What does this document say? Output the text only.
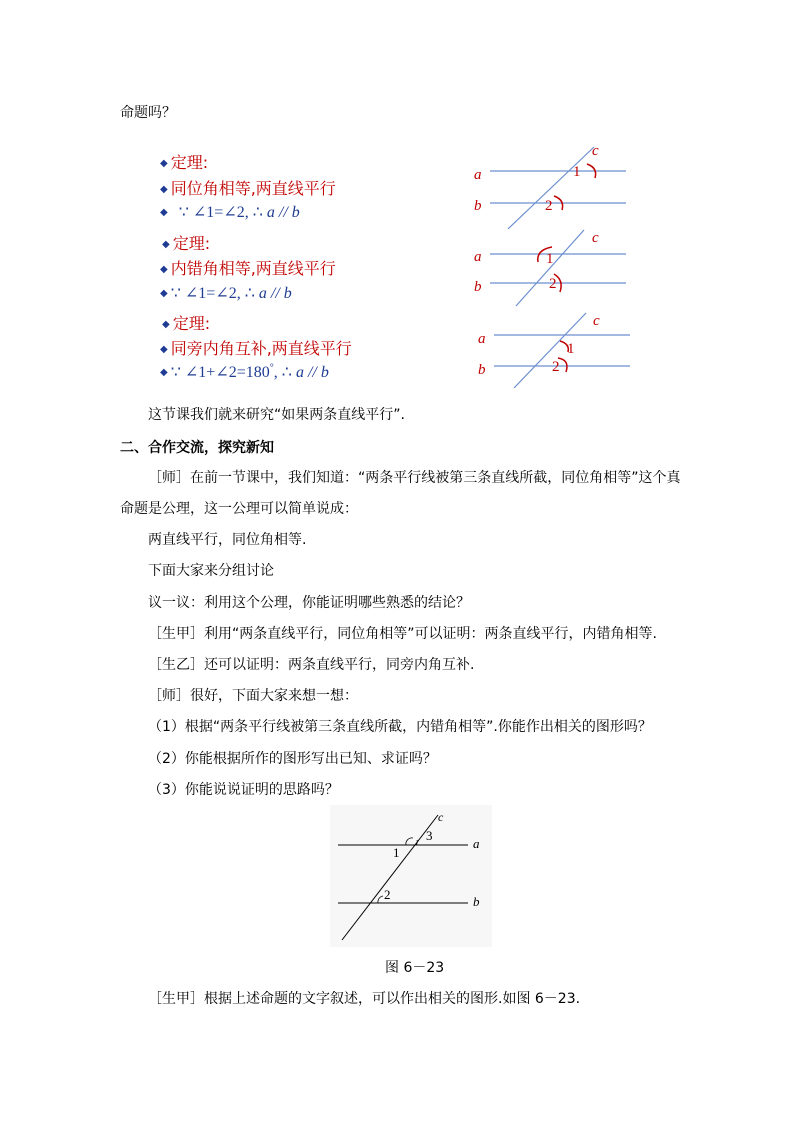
命题吗？
◆ 定理:
◆ 同位角相等,两直线平行
◆ ∵ ∠1=∠2, ∴ a // b
◆ 定理:
◆ 内错角相等,两直线平行
◆ ∵ ∠1=∠2, ∴ a // b
◆ 定理:
◆ 同旁内角互补,两直线平行
◆ ∵ ∠1+∠2=180°, ∴ a // b
a
b
c
1
2
a
b
c
1
2
a
b
c
1
2
这节课我们就来研究“如果两条直线平行”.
二、合作交流，探究新知
［师］在前一节课中，我们知道：“两条平行线被第三条直线所截，同位角相等”这个真
命题是公理，这一公理可以简单说成：
两直线平行，同位角相等.
下面大家来分组讨论
议一议：利用这个公理，你能证明哪些熟悉的结论？
［生甲］利用“两条直线平行，同位角相等”可以证明：两条直线平行，内错角相等.
［生乙］还可以证明：两条直线平行，同旁内角互补.
［师］很好，下面大家来想一想：
（1）根据“两条平行线被第三条直线所截，内错角相等”.你能作出相关的图形吗？
（2）你能根据所作的图形写出已知、求证吗？
（3）你能说说证明的思路吗？
c
a
b
1
2
3
图 6－23
［生甲］根据上述命题的文字叙述，可以作出相关的图形.如图 6－23.
